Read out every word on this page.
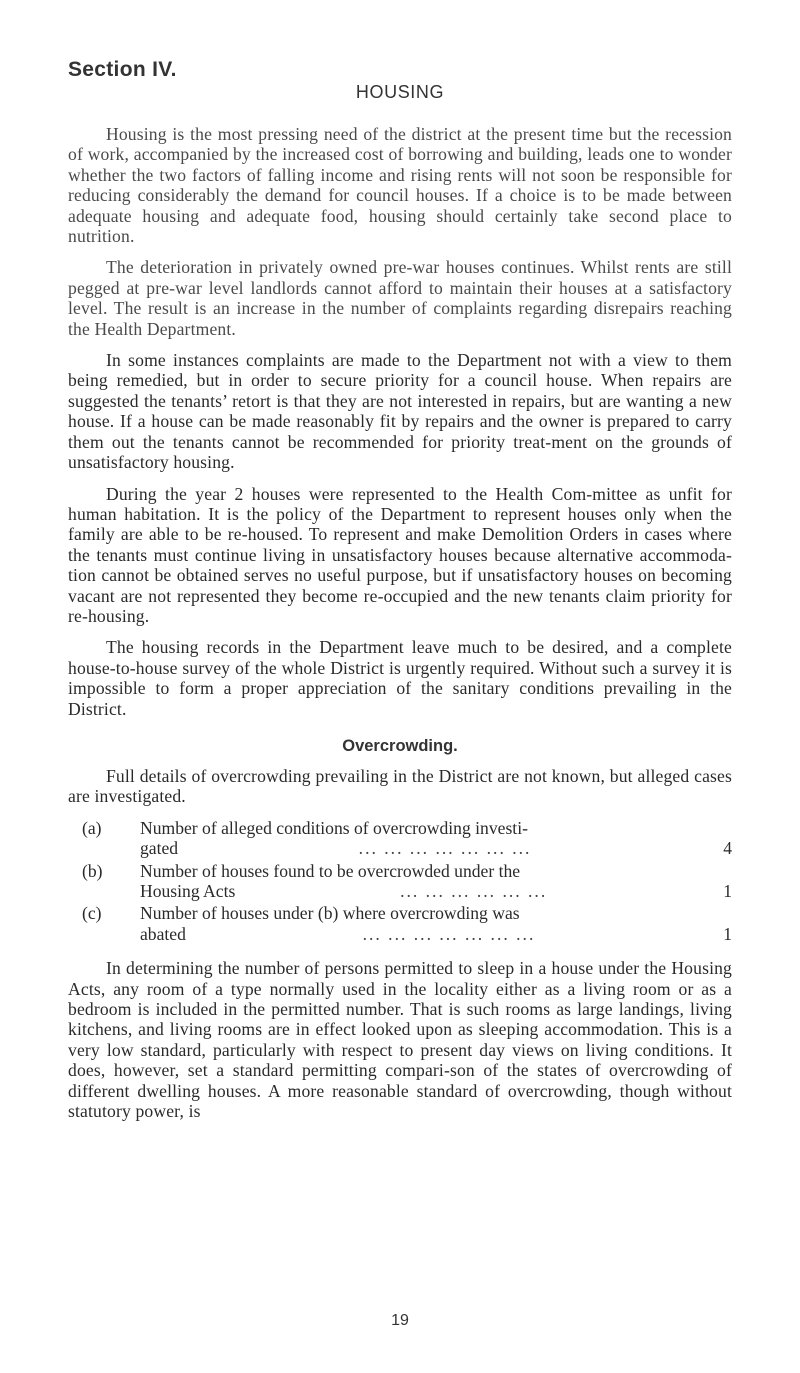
Section IV.
HOUSING

Housing is the most pressing need of the district at the present time but the recession of work, accompanied by the increased cost of borrowing and building, leads one to wonder whether the two factors of falling income and rising rents will not soon be responsible for reducing considerably the demand for council houses. If a choice is to be made between adequate housing and adequate food, housing should certainly take second place to nutrition.

The deterioration in privately owned pre-war houses continues. Whilst rents are still pegged at pre-war level landlords cannot afford to maintain their houses at a satisfactory level. The result is an increase in the number of complaints regarding disrepairs reaching the Health Department.

In some instances complaints are made to the Department not with a view to them being remedied, but in order to secure priority for a council house. When repairs are suggested the tenants’ retort is that they are not interested in repairs, but are wanting a new house. If a house can be made reasonably fit by repairs and the owner is prepared to carry them out the tenants cannot be recommended for priority treat-ment on the grounds of unsatisfactory housing.

During the year 2 houses were represented to the Health Com-mittee as unfit for human habitation. It is the policy of the Department to represent houses only when the family are able to be re-housed. To represent and make Demolition Orders in cases where the tenants must continue living in unsatisfactory houses because alternative accommoda-tion cannot be obtained serves no useful purpose, but if unsatisfactory houses on becoming vacant are not represented they become re-occupied and the new tenants claim priority for re-housing.

The housing records in the Department leave much to be desired, and a complete house-to-house survey of the whole District is urgently required. Without such a survey it is impossible to form a proper appreciation of the sanitary conditions prevailing in the District.

Overcrowding.

Full details of overcrowding prevailing in the District are not known, but alleged cases are investigated.

(a) Number of alleged conditions of overcrowding investi-
gated	... ... ... ... ... ... ...	4
(b) Number of houses found to be overcrowded under the
Housing Acts	... ... ... ... ... ...	1
(c) Number of houses under (b) where overcrowding was
abated	... ... ... ... ... ... ...	1

In determining the number of persons permitted to sleep in a house under the Housing Acts, any room of a type normally used in the locality either as a living room or as a bedroom is included in the permitted number. That is such rooms as large landings, living kitchens, and living rooms are in effect looked upon as sleeping accommodation. This is a very low standard, particularly with respect to present day views on living conditions. It does, however, set a standard permitting compari-son of the states of overcrowding of different dwelling houses. A more reasonable standard of overcrowding, though without statutory power, is

19
